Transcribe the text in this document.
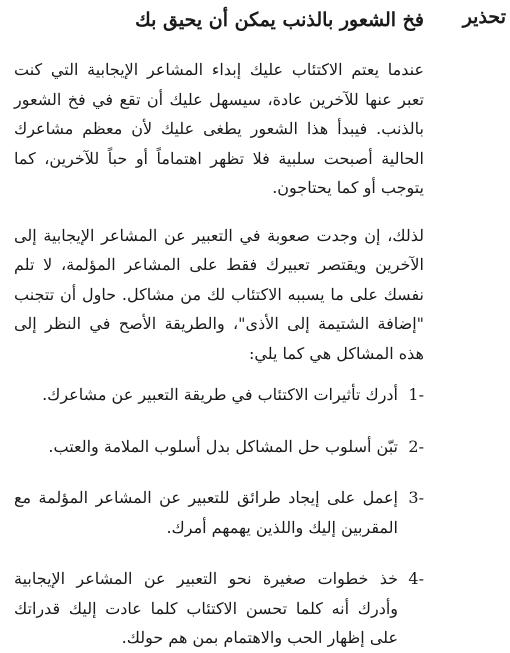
تحذير
فخ الشعور بالذنب يمكن أن يحيق بك

عندما يعتم الاكتئاب عليك إبداء المشاعر الإيجابية التي كنت تعبر عنها للآخرين عادة، سيسهل عليك أن تقع في فخ الشعور بالذنب. فيبدأ هذا الشعور يطغى عليك لأن معظم مشاعرك الحالية أصبحت سلبية فلا تظهر اهتماماً أو حباً للآخرين، كما يتوجب أو كما يحتاجون.

لذلك، إن وجدت صعوبة في التعبير عن المشاعر الإيجابية إلى الآخرين ويقتصر تعبيرك فقط على المشاعر المؤلمة، لا تلم نفسك على ما يسببه الاكتئاب لك من مشاكل. حاول أن تتجنب "إضافة الشتيمة إلى الأذى"، والطريقة الأصح في النظر إلى هذه المشاكل هي كما يلي:

-1
أدرك تأثيرات الاكتئاب في طريقة التعبير عن مشاعرك.
-2
تبّن أسلوب حل المشاكل بدل أسلوب الملامة والعتب.
-3
إعمل على إيجاد طرائق للتعبير عن المشاعر المؤلمة مع المقربين إليك واللذين يهمهم أمرك.
-4
خذ خطوات صغيرة نحو التعبير عن المشاعر الإيجابية وأدرك أنه كلما تحسن الاكتئاب كلما عادت إليك قدراتك على إظهار الحب والاهتمام بمن هم حولك.
